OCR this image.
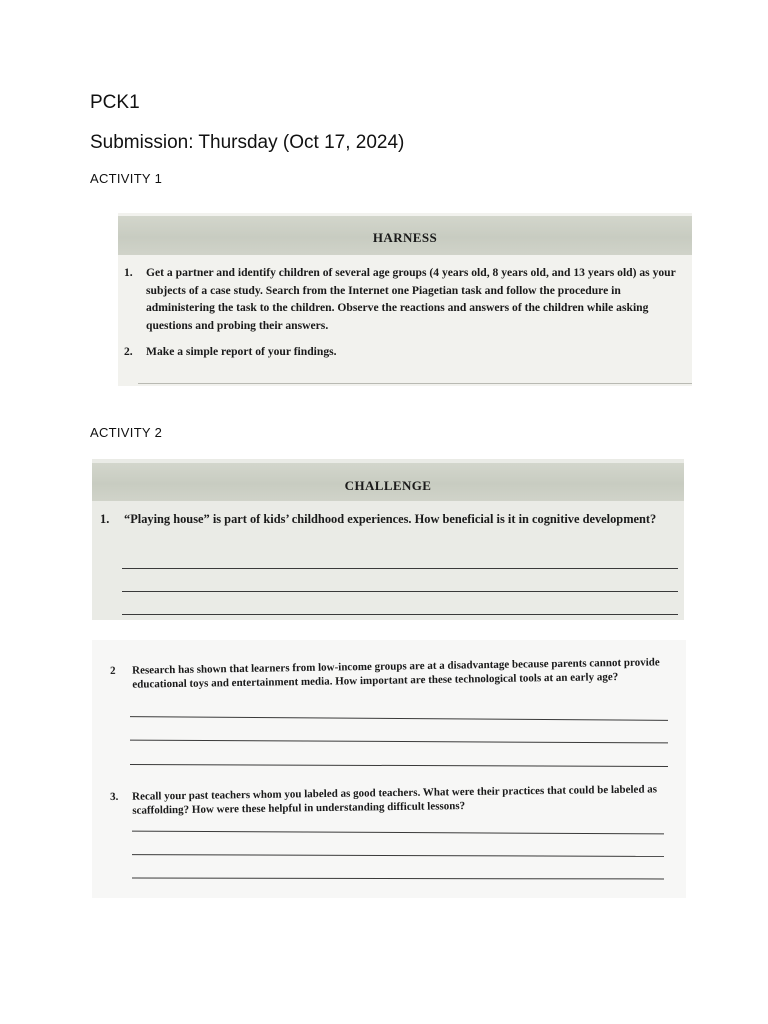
PCK1
Submission: Thursday (Oct 17, 2024)
ACTIVITY 1
HARNESS
1. Get a partner and identify children of several age groups (4 years old, 8 years old, and 13 years old) as your subjects of a case study. Search from the Internet one Piagetian task and follow the procedure in administering the task to the children. Observe the reactions and answers of the children while asking questions and probing their answers.
2. Make a simple report of your findings.
ACTIVITY 2
CHALLENGE
1. “Playing house” is part of kids’ childhood experiences. How beneficial is it in cognitive development?
2 Research has shown that learners from low-income groups are at a disadvantage because parents cannot provide educational toys and entertainment media. How important are these technological tools at an early age?
3. Recall your past teachers whom you labeled as good teachers. What were their practices that could be labeled as scaffolding? How were these helpful in understanding difficult lessons?
